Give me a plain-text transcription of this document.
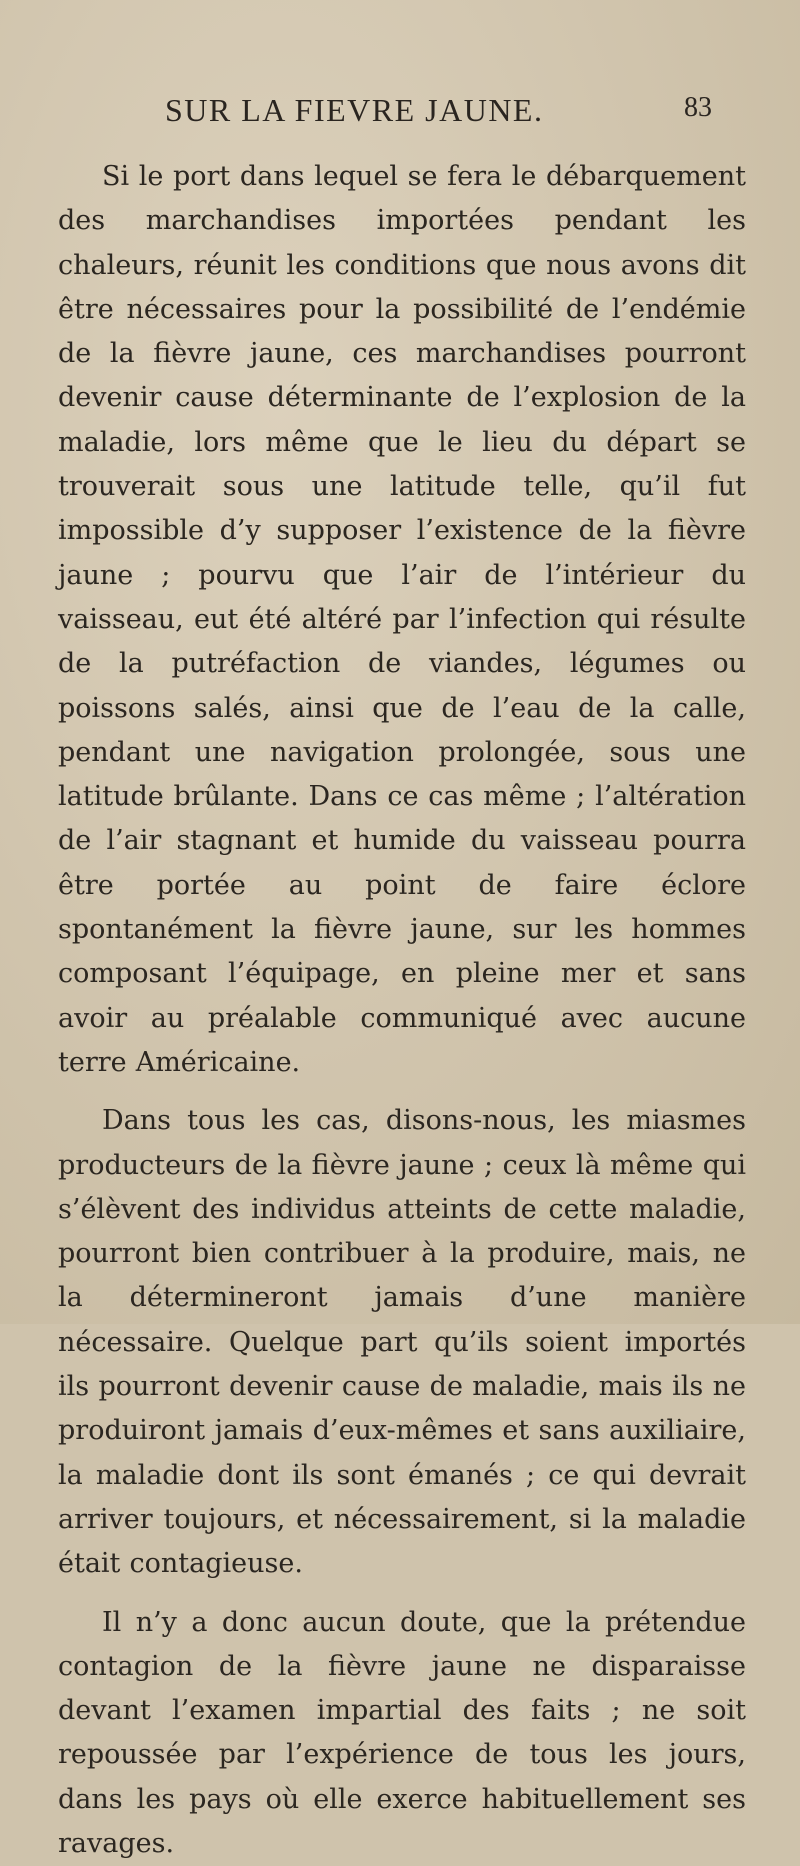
SUR LA FIEVRE JAUNE.	83

Si le port dans lequel se fera le débarquement des marchandises importées pendant les chaleurs, réunit les conditions que nous avons dit être nécessaires pour la possibilité de l’endémie de la fièvre jaune, ces marchandises pourront devenir cause déterminante de l’explosion de la maladie, lors même que le lieu du départ se trouverait sous une latitude telle, qu’il fut impossible d’y supposer l’existence de la fièvre jaune ; pourvu que l’air de l’intérieur du vaisseau, eut été altéré par l’infection qui résulte de la putréfaction de viandes, légumes ou poissons salés, ainsi que de l’eau de la calle, pendant une navigation prolongée, sous une latitude brûlante. Dans ce cas même ; l’altération de l’air stagnant et humide du vaisseau pourra être portée au point de faire éclore spontanément la fièvre jaune, sur les hommes composant l’équipage, en pleine mer et sans avoir au préalable communiqué avec aucune terre Américaine.

Dans tous les cas, disons-nous, les miasmes producteurs de la fièvre jaune ; ceux là même qui s’élèvent des individus atteints de cette maladie, pourront bien contribuer à la produire, mais, ne la détermineront jamais d’une manière nécessaire. Quelque part qu’ils soient importés ils pourront devenir cause de maladie, mais ils ne produiront jamais d’eux-mêmes et sans auxiliaire, la maladie dont ils sont émanés ; ce qui devrait arriver toujours, et nécessairement, si la maladie était contagieuse.

Il n’y a donc aucun doute, que la prétendue contagion de la fièvre jaune ne disparaisse devant l’examen impartial des faits ; ne soit repoussée par l’expérience de tous les jours, dans les pays où elle exerce habituellement ses ravages.
